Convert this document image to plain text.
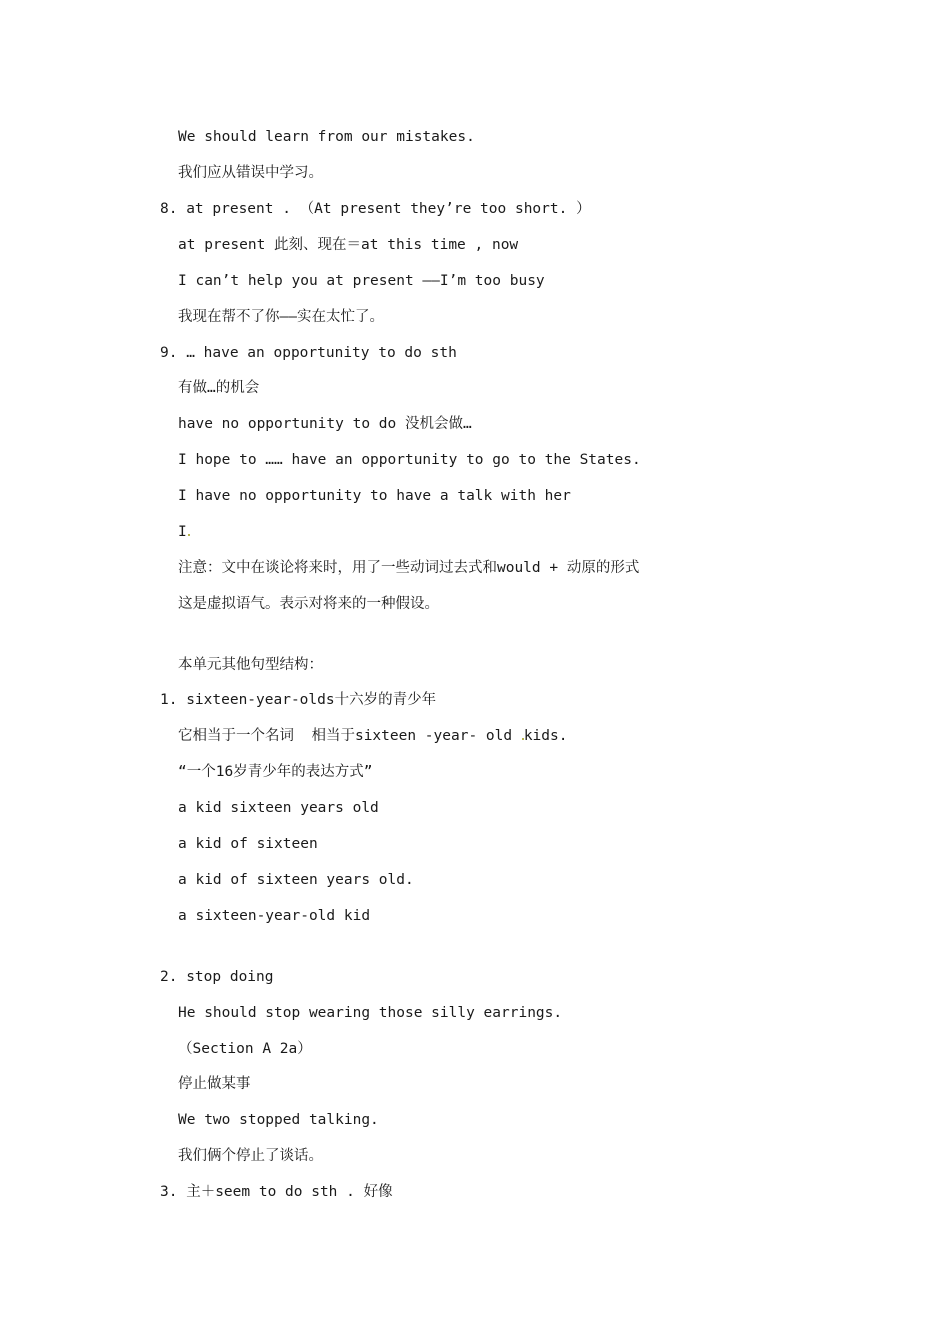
We should learn from our mistakes.
我们应从错误中学习。
8. at present . （At present they’re too short. ）
at present 此刻、现在＝at this time , now
I can’t help you at present ——I’m too busy
我现在帮不了你——实在太忙了。
9. … have an opportunity to do sth
有做…的机会
have no opportunity to do 没机会做…
I hope to …… have an opportunity to go to the States.
I have no opportunity to have a talk with her
I
注意：文中在谈论将来时，用了一些动词过去式和would + 动原的形式
这是虚拟语气。表示对将来的一种假设。
本单元其他句型结构：
1. sixteen-year-olds十六岁的青少年
它相当于一个名词  相当于sixteen -year- old kids.
“一个16岁青少年的表达方式”
a kid sixteen years old
a kid of sixteen
a kid of sixteen years old.
a sixteen-year-old kid
2. stop doing
He should stop wearing those silly earrings.
（Section A 2a）
停止做某事
We two stopped talking.
我们俩个停止了谈话。
3. 主＋seem to do sth . 好像
